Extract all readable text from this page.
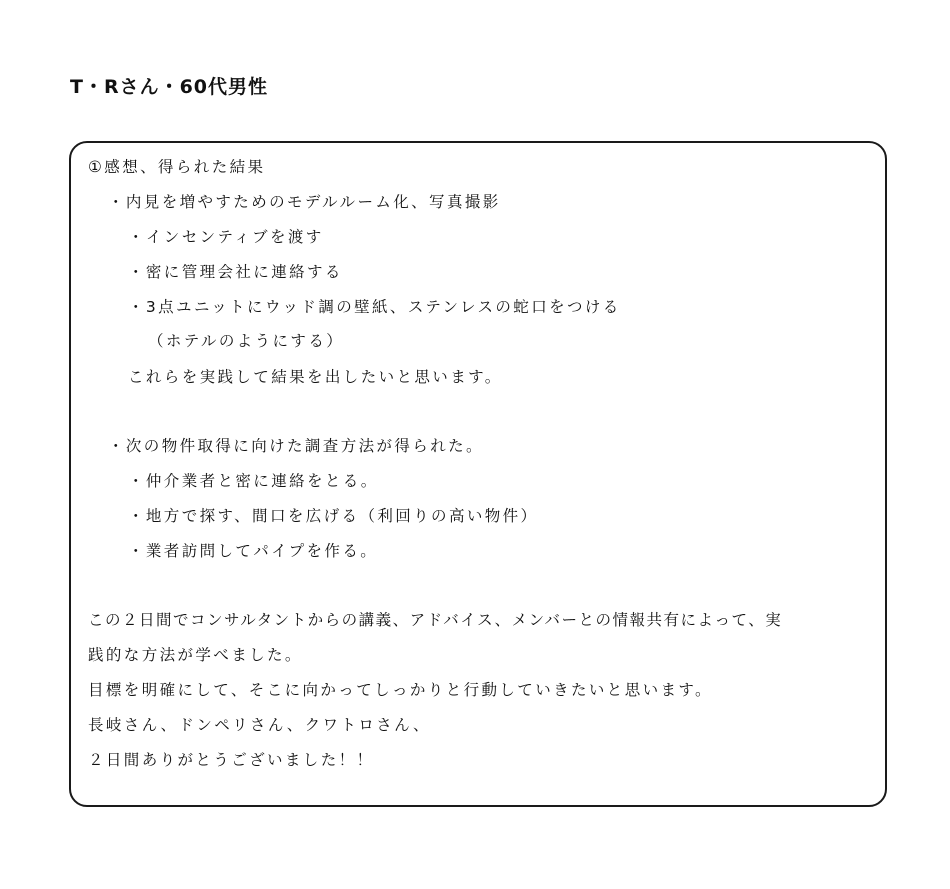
T・Rさん・60代男性
①感想、得られた結果
・内見を増やすためのモデルルーム化、写真撮影
・インセンティブを渡す
・密に管理会社に連絡する
・3点ユニットにウッド調の壁紙、ステンレスの蛇口をつける
（ホテルのようにする）
これらを実践して結果を出したいと思います。
・次の物件取得に向けた調査方法が得られた。
・仲介業者と密に連絡をとる。
・地方で探す、間口を広げる（利回りの高い物件）
・業者訪問してパイプを作る。
この２日間でコンサルタントからの講義、アドバイス、メンバーとの情報共有によって、実
践的な方法が学べました。
目標を明確にして、そこに向かってしっかりと行動していきたいと思います。
長岐さん、ドンペリさん、クワトロさん、
２日間ありがとうございました！！
